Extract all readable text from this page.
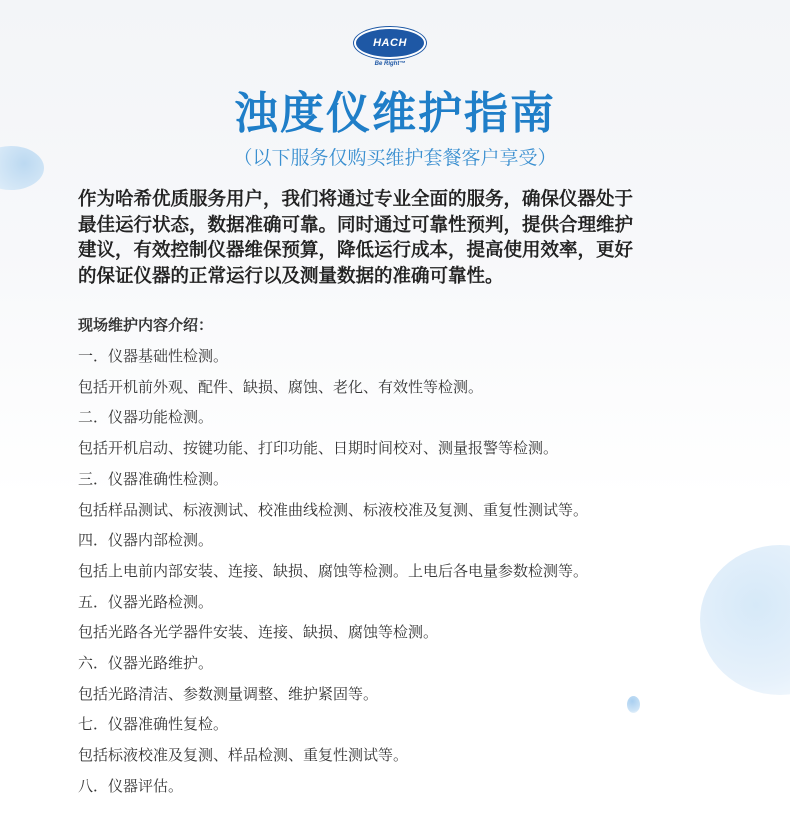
HACH
Be Right™
浊度仪维护指南
（以下服务仅购买维护套餐客户享受）
作为哈希优质服务用户，我们将通过专业全面的服务，确保仪器处于
最佳运行状态，数据准确可靠。同时通过可靠性预判，提供合理维护
建议，有效控制仪器维保预算，降低运行成本，提高使用效率，更好
的保证仪器的正常运行以及测量数据的准确可靠性。
现场维护内容介绍：
一．仪器基础性检测。
包括开机前外观、配件、缺损、腐蚀、老化、有效性等检测。
二．仪器功能检测。
包括开机启动、按键功能、打印功能、日期时间校对、测量报警等检测。
三．仪器准确性检测。
包括样品测试、标液测试、校准曲线检测、标液校准及复测、重复性测试等。
四．仪器内部检测。
包括上电前内部安装、连接、缺损、腐蚀等检测。上电后各电量参数检测等。
五．仪器光路检测。
包括光路各光学器件安装、连接、缺损、腐蚀等检测。
六．仪器光路维护。
包括光路清洁、参数测量调整、维护紧固等。
七．仪器准确性复检。
包括标液校准及复测、样品检测、重复性测试等。
八．仪器评估。
